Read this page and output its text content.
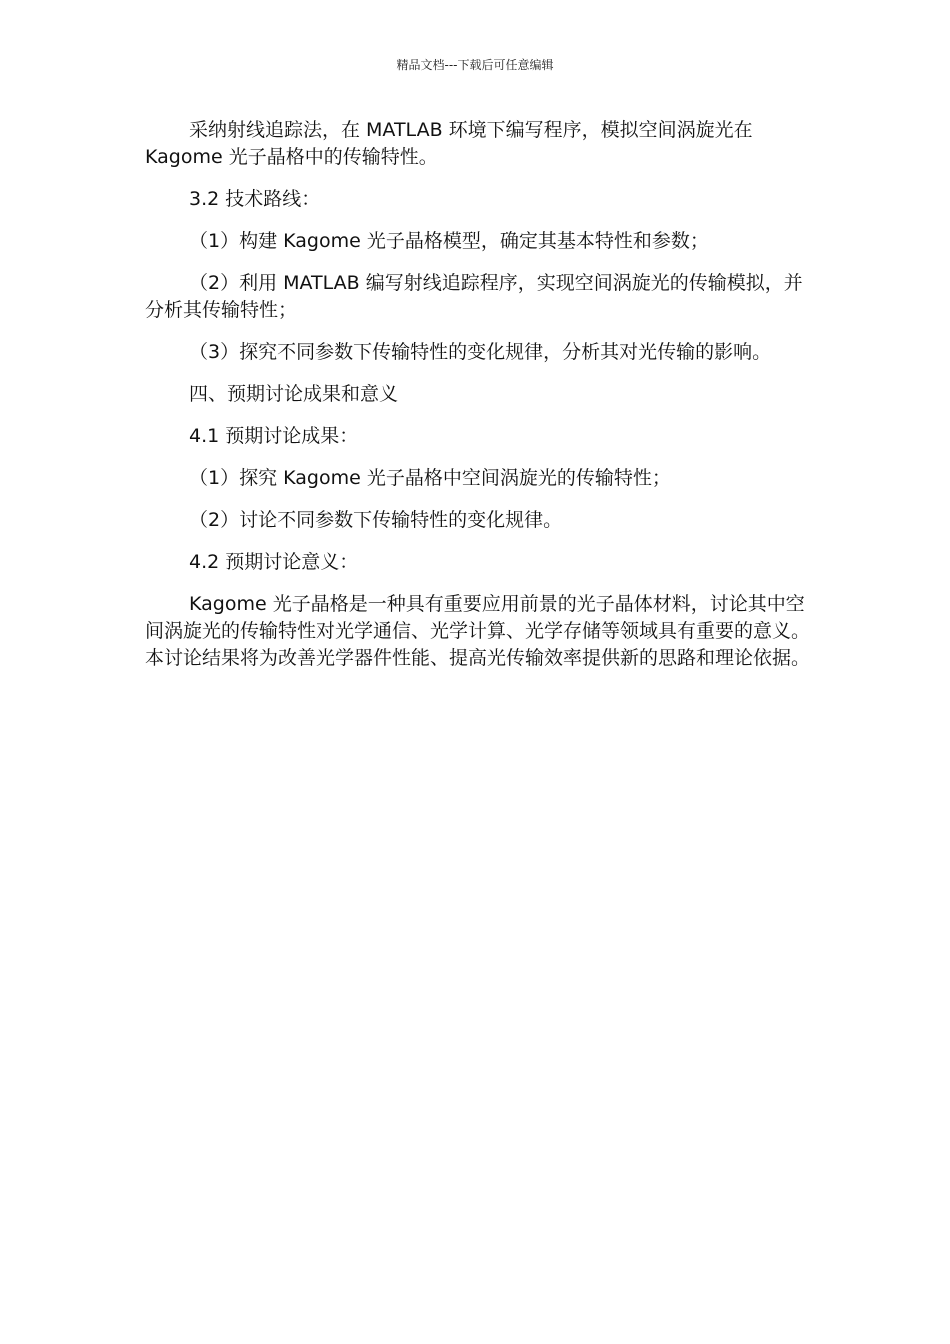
精品文档---下载后可任意编辑

采纳射线追踪法，在 MATLAB 环境下编写程序，模拟空间涡旋光在 Kagome 光子晶格中的传输特性。

3.2 技术路线：

（1）构建 Kagome 光子晶格模型，确定其基本特性和参数；

（2）利用 MATLAB 编写射线追踪程序，实现空间涡旋光的传输模拟，并分析其传输特性；

（3）探究不同参数下传输特性的变化规律，分析其对光传输的影响。

四、预期讨论成果和意义

4.1 预期讨论成果：

（1）探究 Kagome 光子晶格中空间涡旋光的传输特性；

（2）讨论不同参数下传输特性的变化规律。

4.2 预期讨论意义：

Kagome 光子晶格是一种具有重要应用前景的光子晶体材料，讨论其中空间涡旋光的传输特性对光学通信、光学计算、光学存储等领域具有重要的意义。本讨论结果将为改善光学器件性能、提高光传输效率提供新的思路和理论依据。
